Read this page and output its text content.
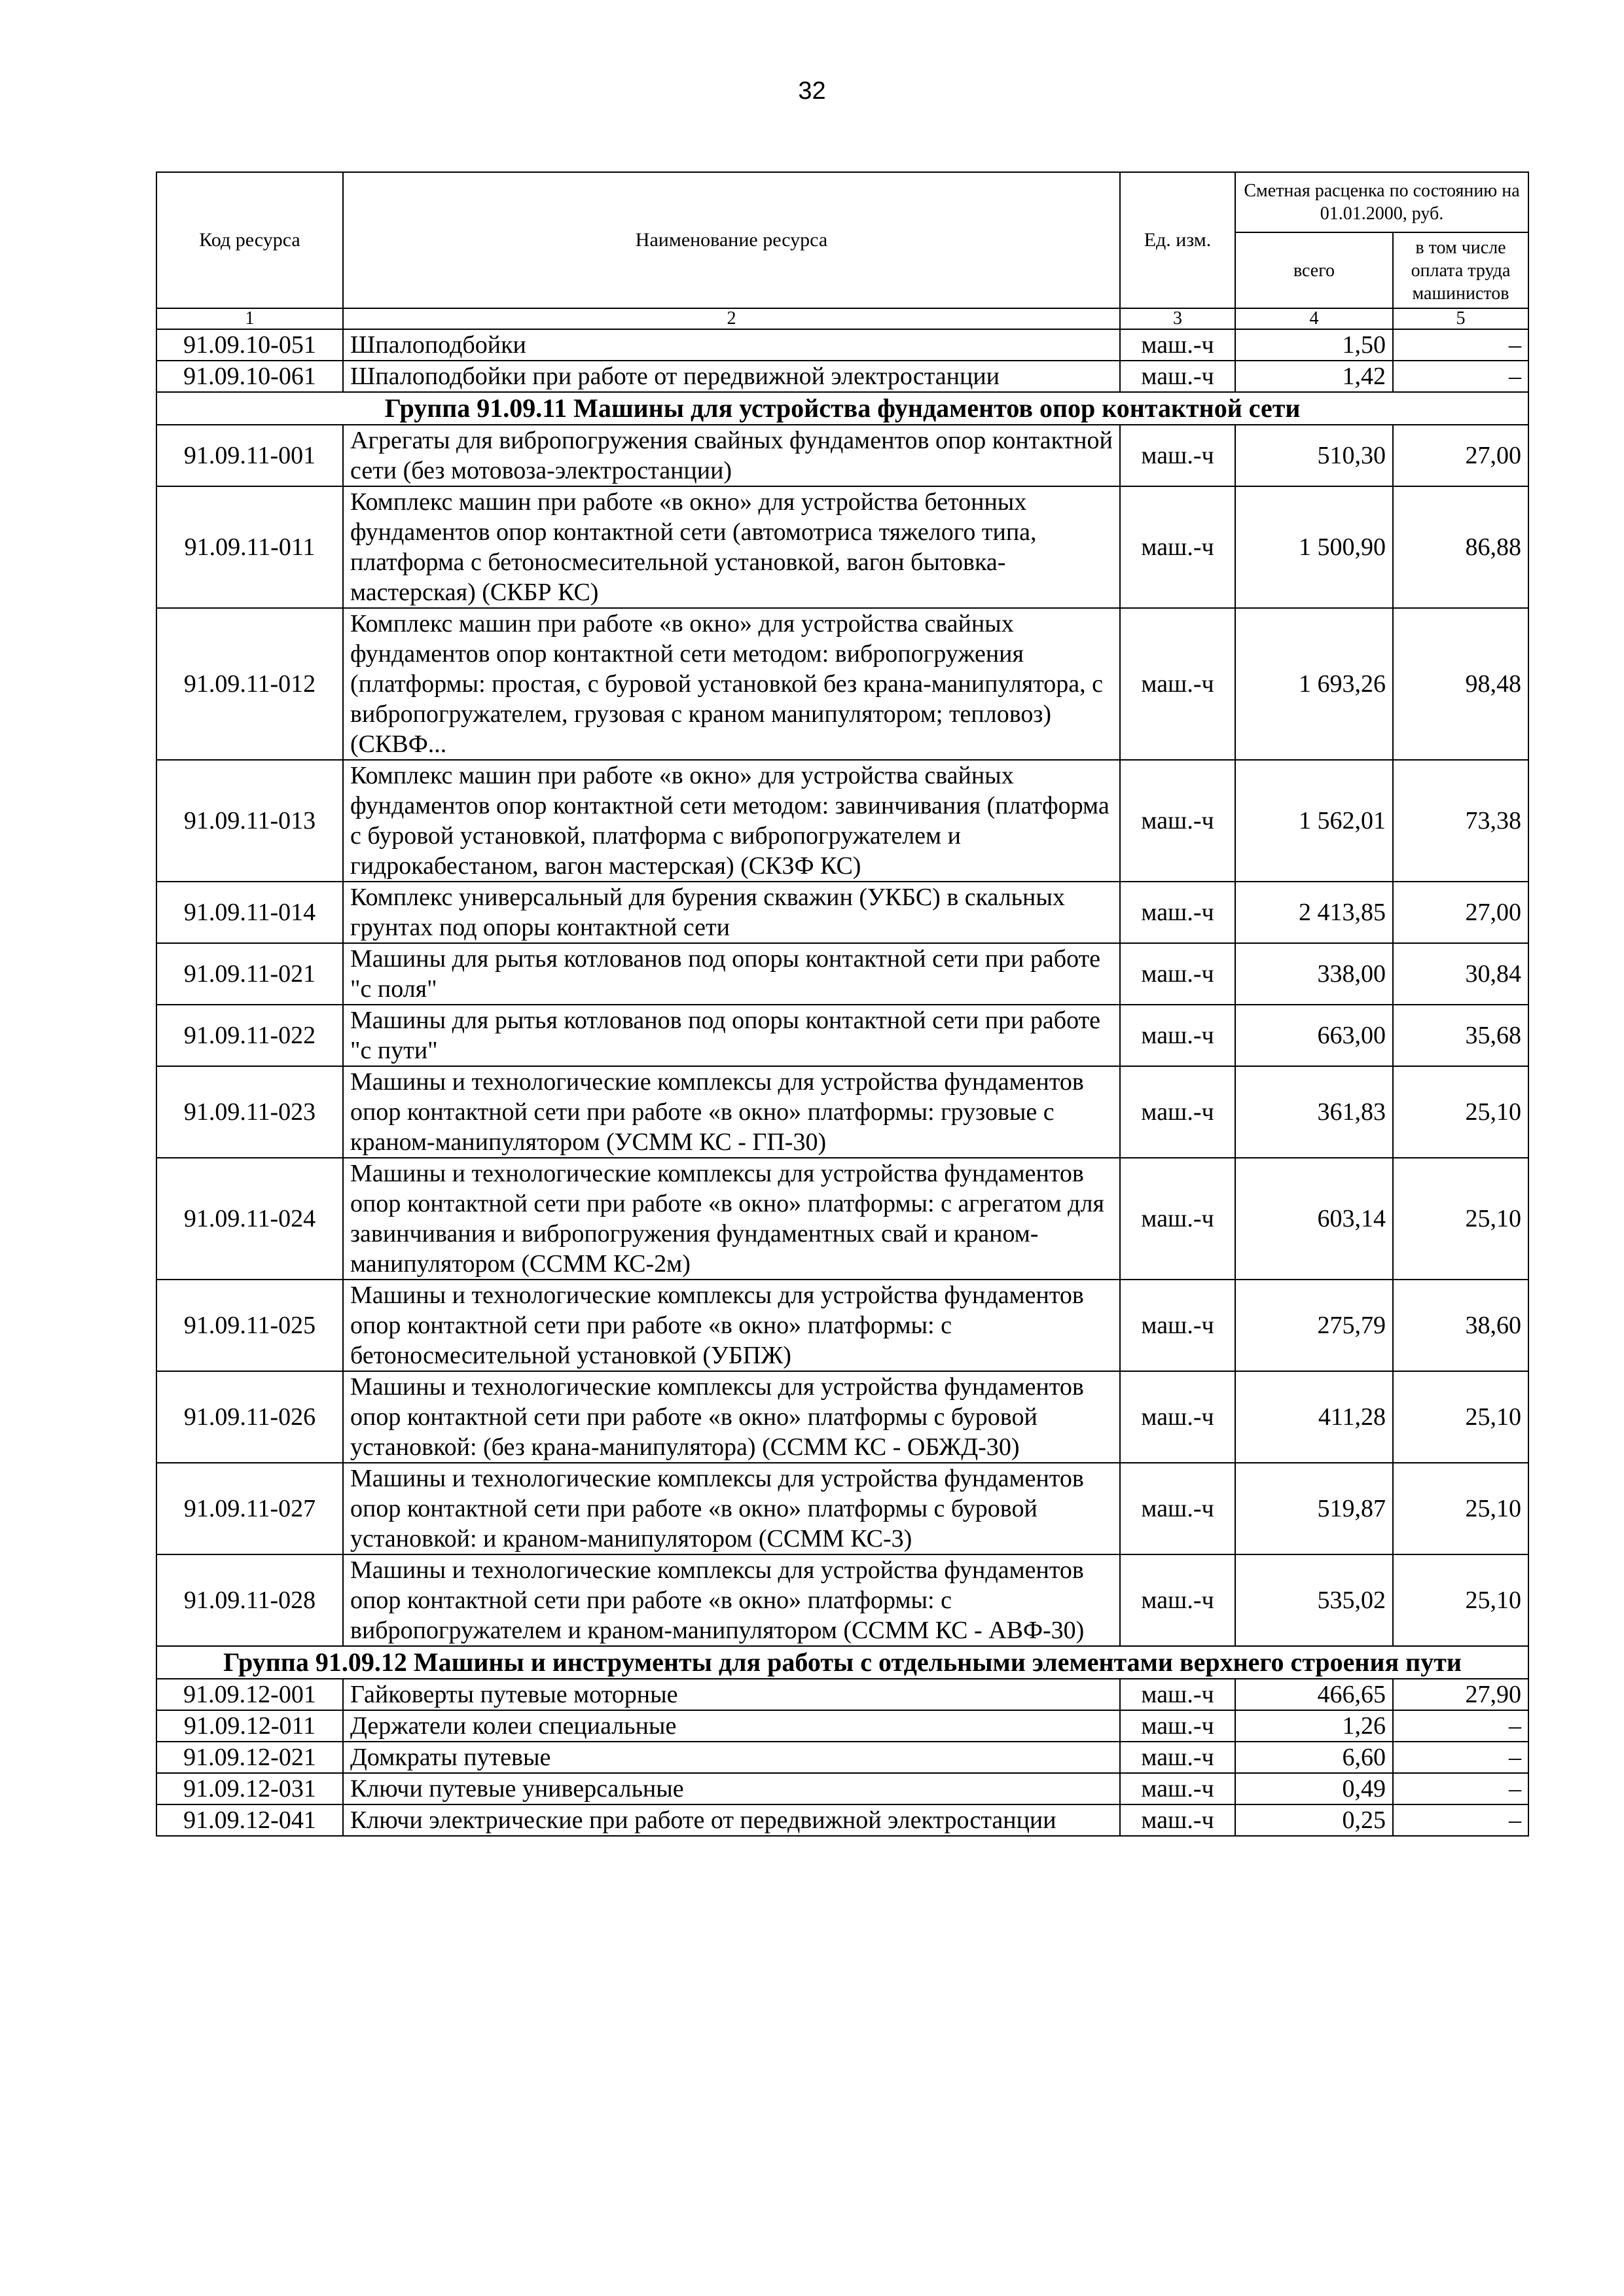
32
Код ресурса	Наименование ресурса	Ед. изм.	Сметная расценка по состоянию на 01.01.2000, руб.	
			всего	в том числе оплата труда машинистов
1	2	3	4	5
91.09.10-051	Шпалоподбойки	маш.-ч	1,50	–
91.09.10-061	Шпалоподбойки при работе от передвижной электростанции	маш.-ч	1,42	–
Группа 91.09.11 Машины для устройства фундаментов опор контактной сети				
91.09.11-001	Агрегаты для вибропогружения свайных фундаментов опор контактной сети (без мотовоза-электростанции)	маш.-ч	510,30	27,00
91.09.11-011	Комплекс машин при работе «в окно» для устройства бетонных фундаментов опор контактной сети (автомотриса тяжелого типа, платформа с бетоносмесительной установкой, вагон бытовка-мастерская) (СКБР КС)	маш.-ч	1 500,90	86,88
91.09.11-012	Комплекс машин при работе «в окно» для устройства свайных фундаментов опор контактной сети методом: вибропогружения (платформы: простая, с буровой установкой без крана-манипулятора, с вибропогружателем, грузовая с краном манипулятором; тепловоз) (СКВФ...	маш.-ч	1 693,26	98,48
91.09.11-013	Комплекс машин при работе «в окно» для устройства свайных фундаментов опор контактной сети методом: завинчивания (платформа с буровой установкой, платформа с вибропогружателем и гидрокабестаном, вагон мастерская) (СКЗФ КС)	маш.-ч	1 562,01	73,38
91.09.11-014	Комплекс универсальный для бурения скважин (УКБС) в скальных грунтах под опоры контактной сети	маш.-ч	2 413,85	27,00
91.09.11-021	Машины для рытья котлованов под опоры контактной сети при работе "с поля"	маш.-ч	338,00	30,84
91.09.11-022	Машины для рытья котлованов под опоры контактной сети при работе "с пути"	маш.-ч	663,00	35,68
91.09.11-023	Машины и технологические комплексы для устройства фундаментов опор контактной сети при работе «в окно» платформы: грузовые с краном-манипулятором (УСММ КС - ГП-30)	маш.-ч	361,83	25,10
91.09.11-024	Машины и технологические комплексы для устройства фундаментов опор контактной сети при работе «в окно» платформы: с агрегатом для завинчивания и вибропогружения фундаментных свай и краном-манипулятором (ССММ КС-2м)	маш.-ч	603,14	25,10
91.09.11-025	Машины и технологические комплексы для устройства фундаментов опор контактной сети при работе «в окно» платформы: с бетоносмесительной установкой (УБПЖ)	маш.-ч	275,79	38,60
91.09.11-026	Машины и технологические комплексы для устройства фундаментов опор контактной сети при работе «в окно» платформы с буровой установкой: (без крана-манипулятора) (ССММ КС - ОБЖД-30)	маш.-ч	411,28	25,10
91.09.11-027	Машины и технологические комплексы для устройства фундаментов опор контактной сети при работе «в окно» платформы с буровой установкой: и краном-манипулятором (ССММ КС-3)	маш.-ч	519,87	25,10
91.09.11-028	Машины и технологические комплексы для устройства фундаментов опор контактной сети при работе «в окно» платформы: с вибропогружателем и краном-манипулятором (ССММ КС - АВФ-30)	маш.-ч	535,02	25,10
Группа 91.09.12 Машины и инструменты для работы с отдельными элементами верхнего строения пути				
91.09.12-001	Гайковерты путевые моторные	маш.-ч	466,65	27,90
91.09.12-011	Держатели колеи специальные	маш.-ч	1,26	–
91.09.12-021	Домкраты путевые	маш.-ч	6,60	–
91.09.12-031	Ключи путевые универсальные	маш.-ч	0,49	–
91.09.12-041	Ключи электрические при работе от передвижной электростанции	маш.-ч	0,25	–
